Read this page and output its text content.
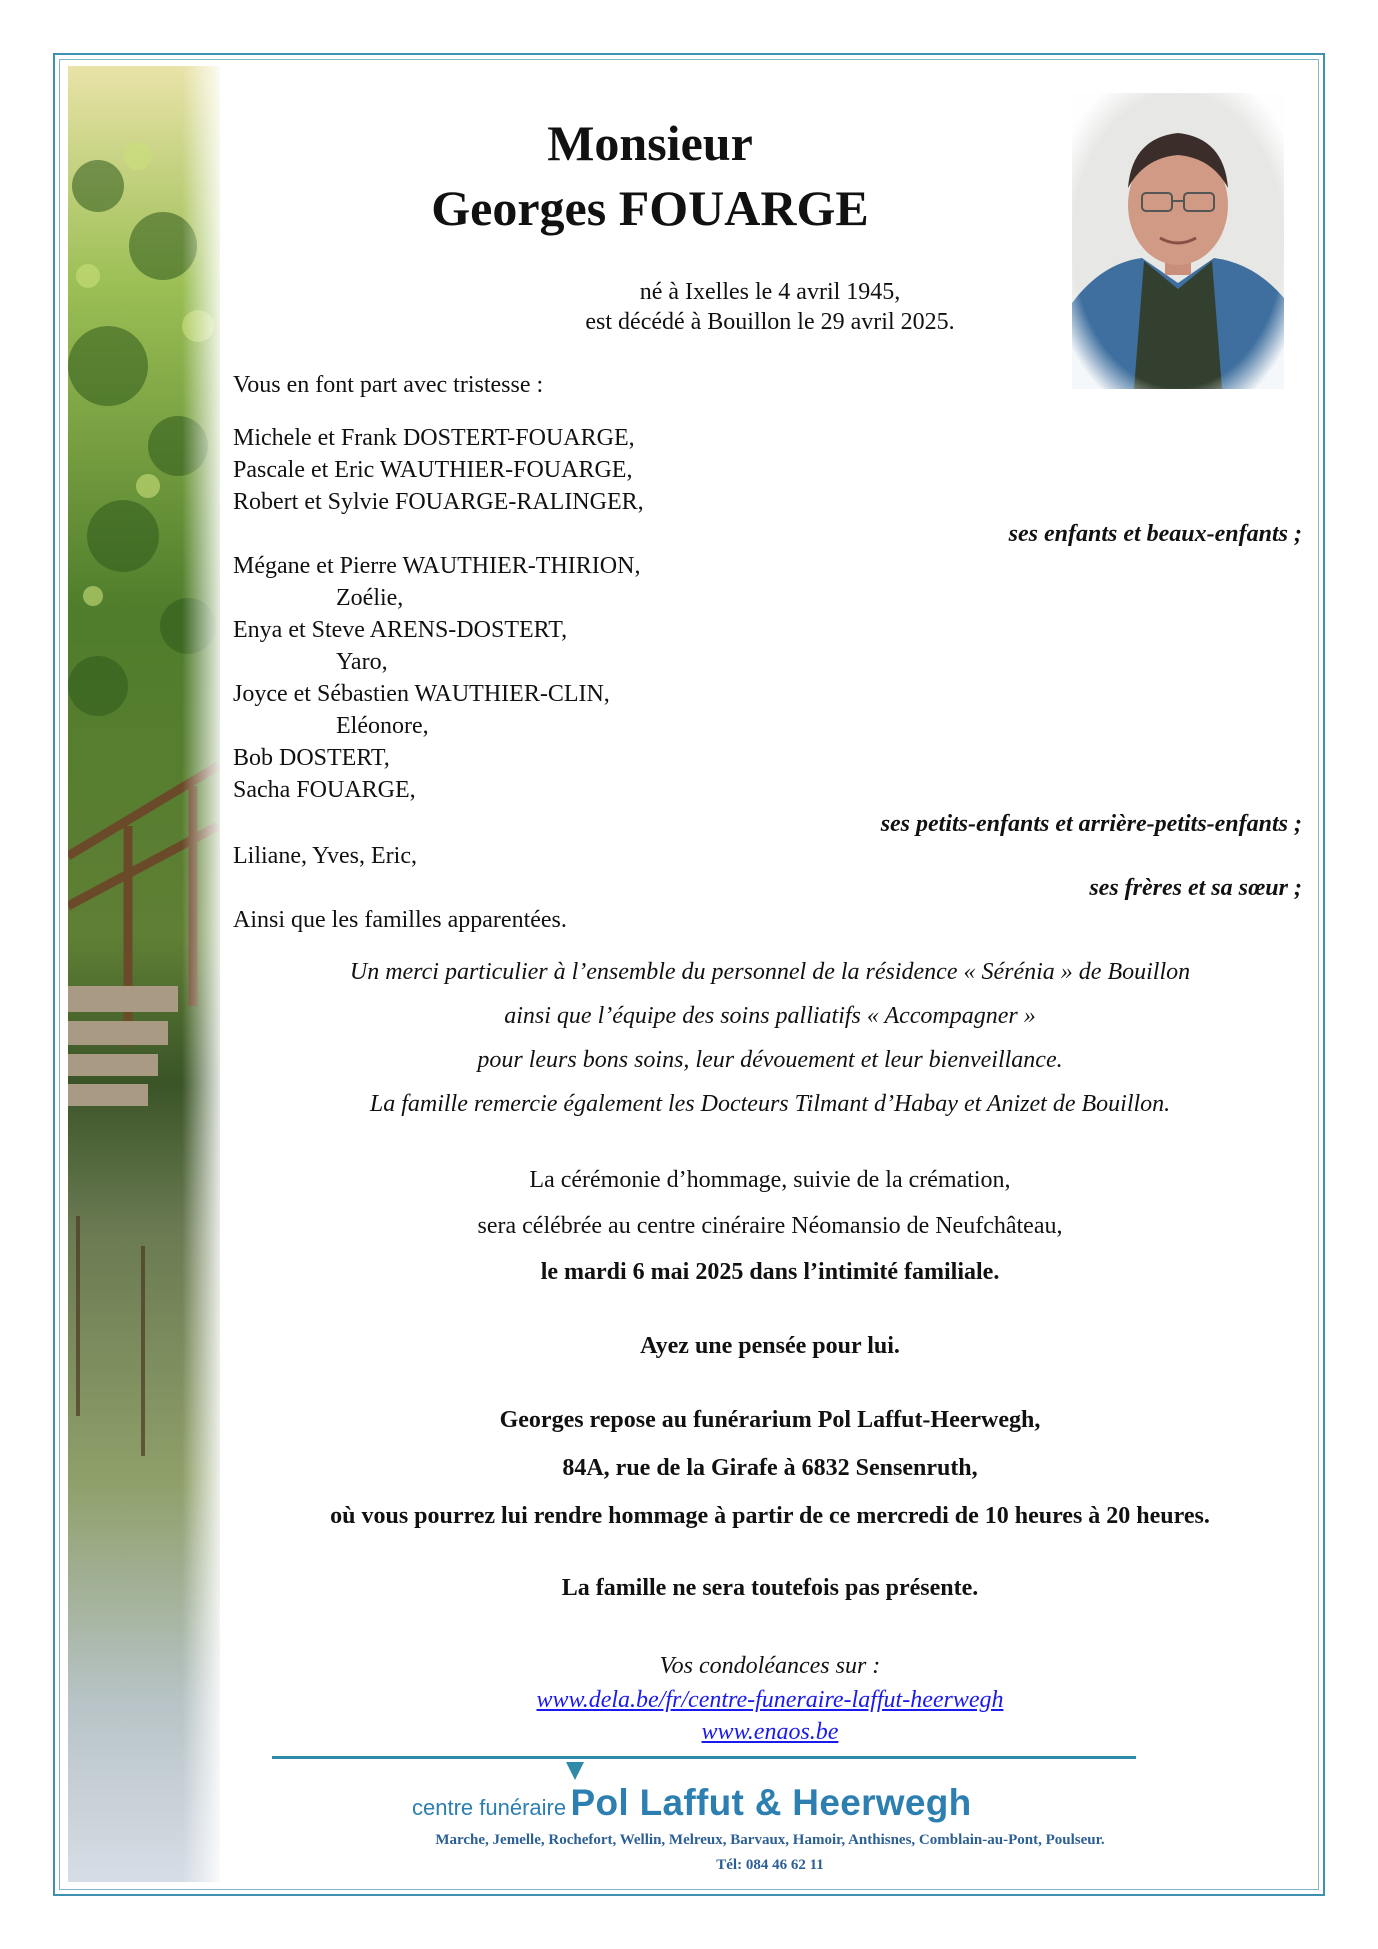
Monsieur
Georges FOUARGE
né à Ixelles le 4 avril 1945,
est décédé à Bouillon le 29 avril 2025.
Vous en font part avec tristesse :
Michele et Frank DOSTERT-FOUARGE,
Pascale et Eric WAUTHIER-FOUARGE,
Robert et Sylvie FOUARGE-RALINGER,
ses enfants et beaux-enfants ;
Mégane et Pierre WAUTHIER-THIRION,
Zoélie,
Enya et Steve ARENS-DOSTERT,
Yaro,
Joyce et Sébastien WAUTHIER-CLIN,
Eléonore,
Bob DOSTERT,
Sacha FOUARGE,
ses petits-enfants et arrière-petits-enfants ;
Liliane, Yves, Eric,
ses frères et sa sœur ;
Ainsi que les familles apparentées.
Un merci particulier à l’ensemble du personnel de la résidence « Sérénia » de Bouillon
ainsi que l’équipe des soins palliatifs « Accompagner »
pour leurs bons soins, leur dévouement et leur bienveillance.
La famille remercie également les Docteurs Tilmant d’Habay et Anizet de Bouillon.
La cérémonie d’hommage, suivie de la crémation,
sera célébrée au centre cinéraire Néomansio de Neufchâteau,
le mardi 6 mai 2025 dans l’intimité familiale.
Ayez une pensée pour lui.
Georges repose au funérarium Pol Laffut-Heerwegh,
84A, rue de la Girafe à 6832 Sensenruth,
où vous pourrez lui rendre hommage à partir de ce mercredi de 10 heures à 20 heures.
La famille ne sera toutefois pas présente.
Vos condoléances sur :
www.dela.be/fr/centre-funeraire-laffut-heerwegh
www.enaos.be
centre funéraire Pol Laffut & Heerwegh
Marche, Jemelle, Rochefort, Wellin, Melreux, Barvaux, Hamoir, Anthisnes, Comblain-au-Pont, Poulseur.
Tél: 084 46 62 11
